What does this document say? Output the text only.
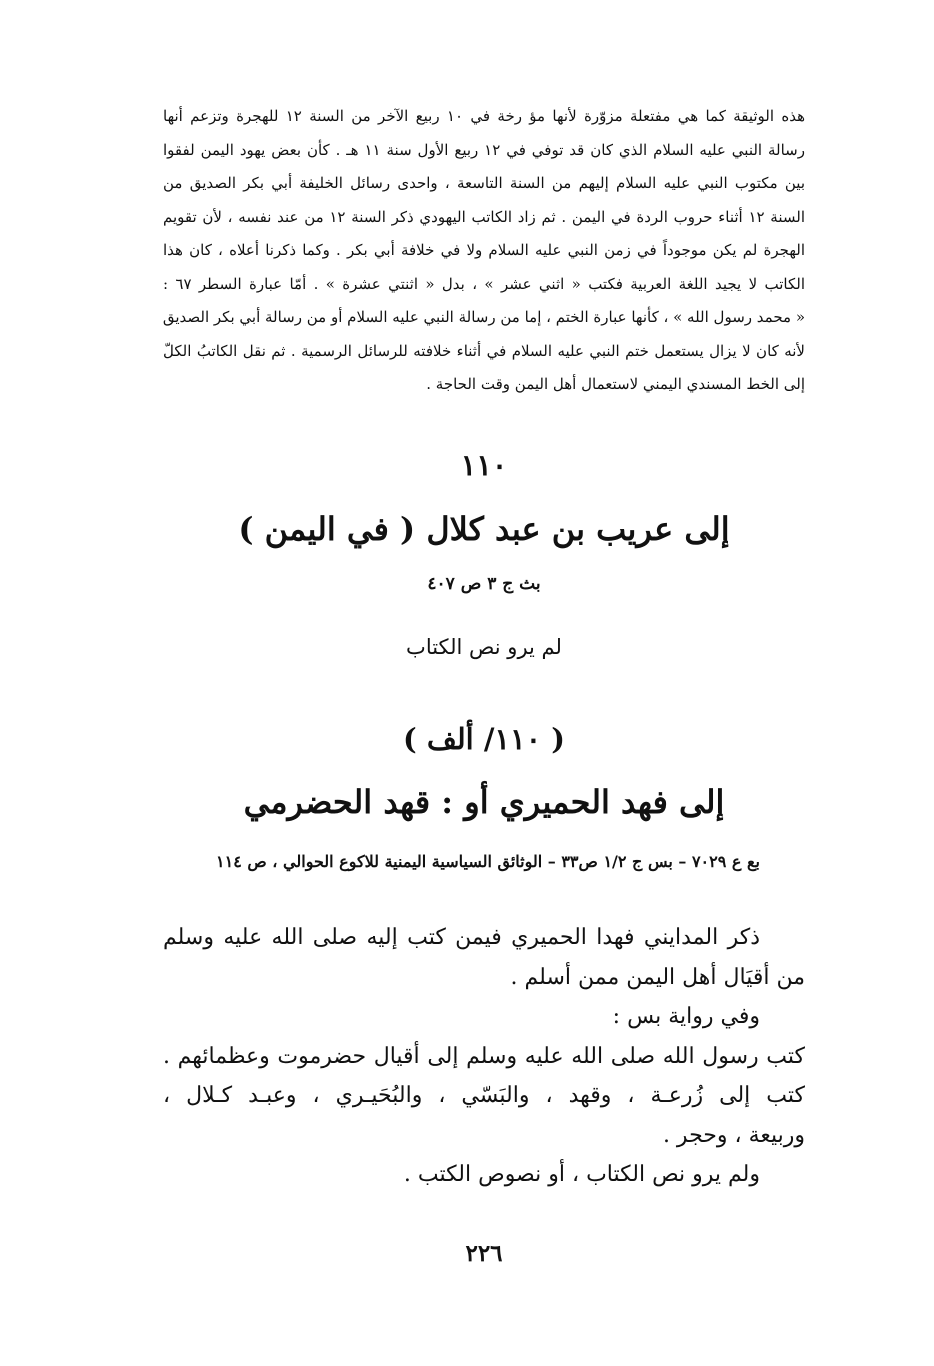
هذه الوثيقة كما هي مفتعلة مزوّرة لأنها مؤ رخة في ١٠ ربيع الآخر من السنة ١٢ للهجرة وتزعم أنها
رسالة النبي عليه السلام الذي كان قد توفي في ١٢ ربيع الأول سنة ١١ هـ . كأن بعض يهود اليمن لفقوا
بين مكتوب النبي عليه السلام إليهم من السنة التاسعة ، واحدى رسائل الخليفة أبي بكر الصديق من
السنة ١٢ أثناء حروب الردة في اليمن . ثم زاد الكاتب اليهودي ذكر السنة ١٢ من عند نفسه ، لأن تقويم
الهجرة لم يكن موجوداً في زمن النبي عليه السلام ولا في خلافة أبي بكر . وكما ذكرنا أعلاه ، كان هذا
الكاتب لا يجيد اللغة العربية فكتب « اثني عشر » ، بدل « اثنتي عشرة » . أمّا عبارة السطر ٦٧ :
« محمد رسول الله » ، كأنها عبارة الختم ، إما من رسالة النبي عليه السلام أو من رسالة أبي بكر الصديق
لأنه كان لا يزال يستعمل ختم النبي عليه السلام في أثناء خلافته للرسائل الرسمية . ثم نقل الكاتبُ الكلّ
إلى الخط المسندي اليمني لاستعمال أهل اليمن وقت الحاجة .
١١٠
إلى عريب بن عبد كلال ( في اليمن )
بث ج ٣ ص ٤٠٧
لم يرو نص الكتاب
( ١١٠/ ألف )
إلى فهد الحميري أو : قهد الحضرمي
بع ع ٧٠٢٩ – بس ج ١/٢ ص٣٣ – الوثائق السياسية اليمنية للاكوع الحوالي ، ص ١١٤
ذكر المدايني فهدا الحميري فيمن كتب إليه صلى الله عليه وسلم
من أقيَال أهل اليمن ممن أسلم .
وفي رواية بس :
كتب رسول الله صلى الله عليه وسلم إلى أقيال حضرموت وعظمائهم .
كتب إلى زُرعـة ، وقهد ، والبَسّي ، والبُحَيـري ، وعبـد كـلال ،
وربيعة ، وحجر .
ولم يرو نص الكتاب ، أو نصوص الكتب .
٢٢٦
